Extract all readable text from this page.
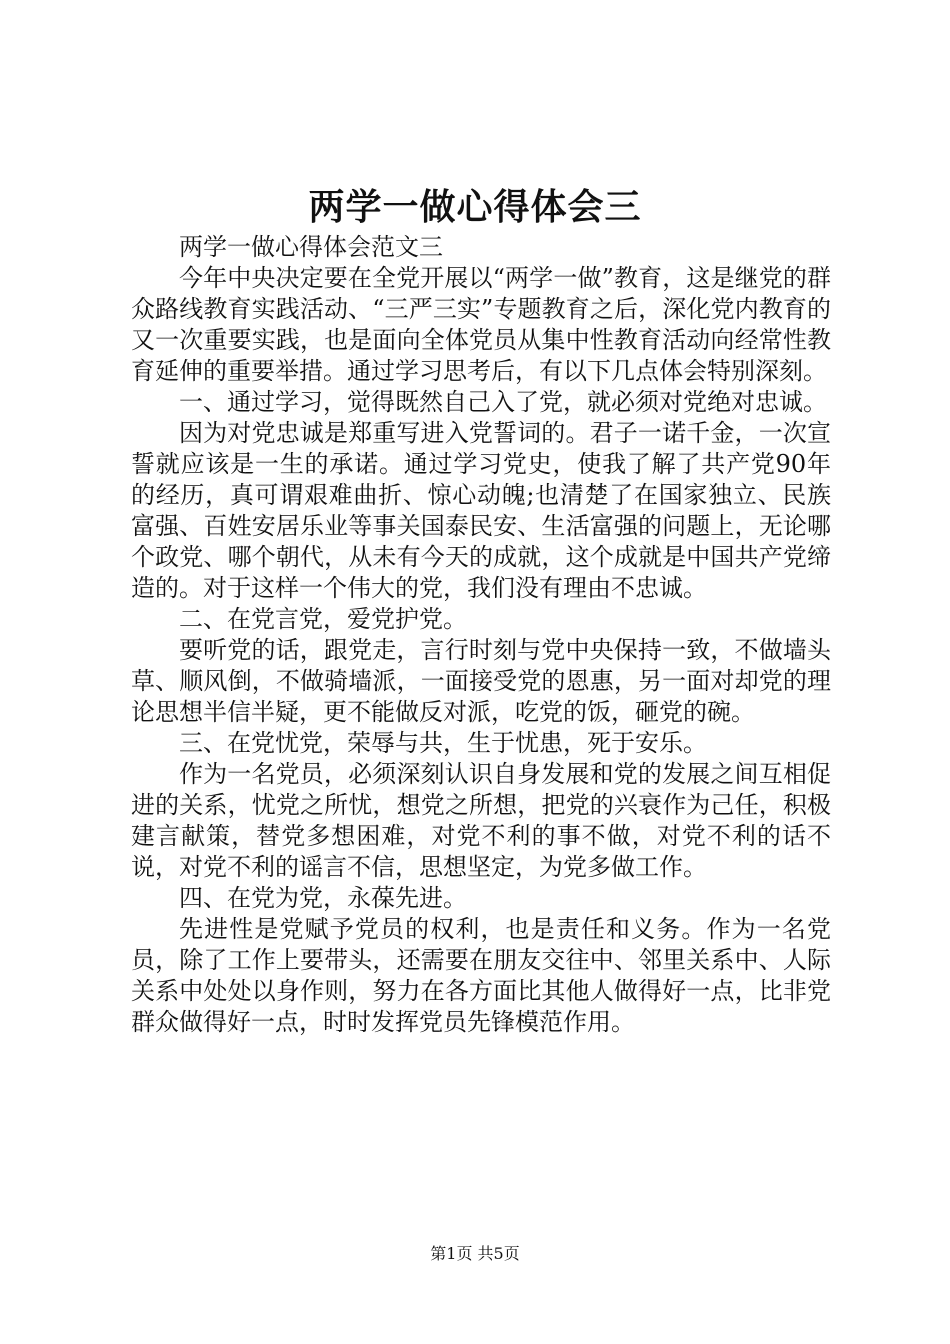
两学一做心得体会三

两学一做心得体会范文三

今年中央决定要在全党开展以“两学一做”教育，这是继党的群众路线教育实践活动、“三严三实”专题教育之后，深化党内教育的又一次重要实践，也是面向全体党员从集中性教育活动向经常性教育延伸的重要举措。通过学习思考后，有以下几点体会特别深刻。

一、通过学习，觉得既然自己入了党，就必须对党绝对忠诚。

因为对党忠诚是郑重写进入党誓词的。君子一诺千金，一次宣誓就应该是一生的承诺。通过学习党史，使我了解了共产党90年的经历，真可谓艰难曲折、惊心动魄;也清楚了在国家独立、民族富强、百姓安居乐业等事关国泰民安、生活富强的问题上，无论哪个政党、哪个朝代，从未有今天的成就，这个成就是中国共产党缔造的。对于这样一个伟大的党，我们没有理由不忠诚。

二、在党言党，爱党护党。

要听党的话，跟党走，言行时刻与党中央保持一致，不做墙头草、顺风倒，不做骑墙派，一面接受党的恩惠，另一面对却党的理论思想半信半疑，更不能做反对派，吃党的饭，砸党的碗。

三、在党忧党，荣辱与共，生于忧患，死于安乐。

作为一名党员，必须深刻认识自身发展和党的发展之间互相促进的关系，忧党之所忧，想党之所想，把党的兴衰作为己任，积极建言献策，替党多想困难，对党不利的事不做，对党不利的话不说，对党不利的谣言不信，思想坚定，为党多做工作。

四、在党为党，永葆先进。

先进性是党赋予党员的权利，也是责任和义务。作为一名党员，除了工作上要带头，还需要在朋友交往中、邻里关系中、人际关系中处处以身作则，努力在各方面比其他人做得好一点，比非党群众做得好一点，时时发挥党员先锋模范作用。

第1页 共5页
